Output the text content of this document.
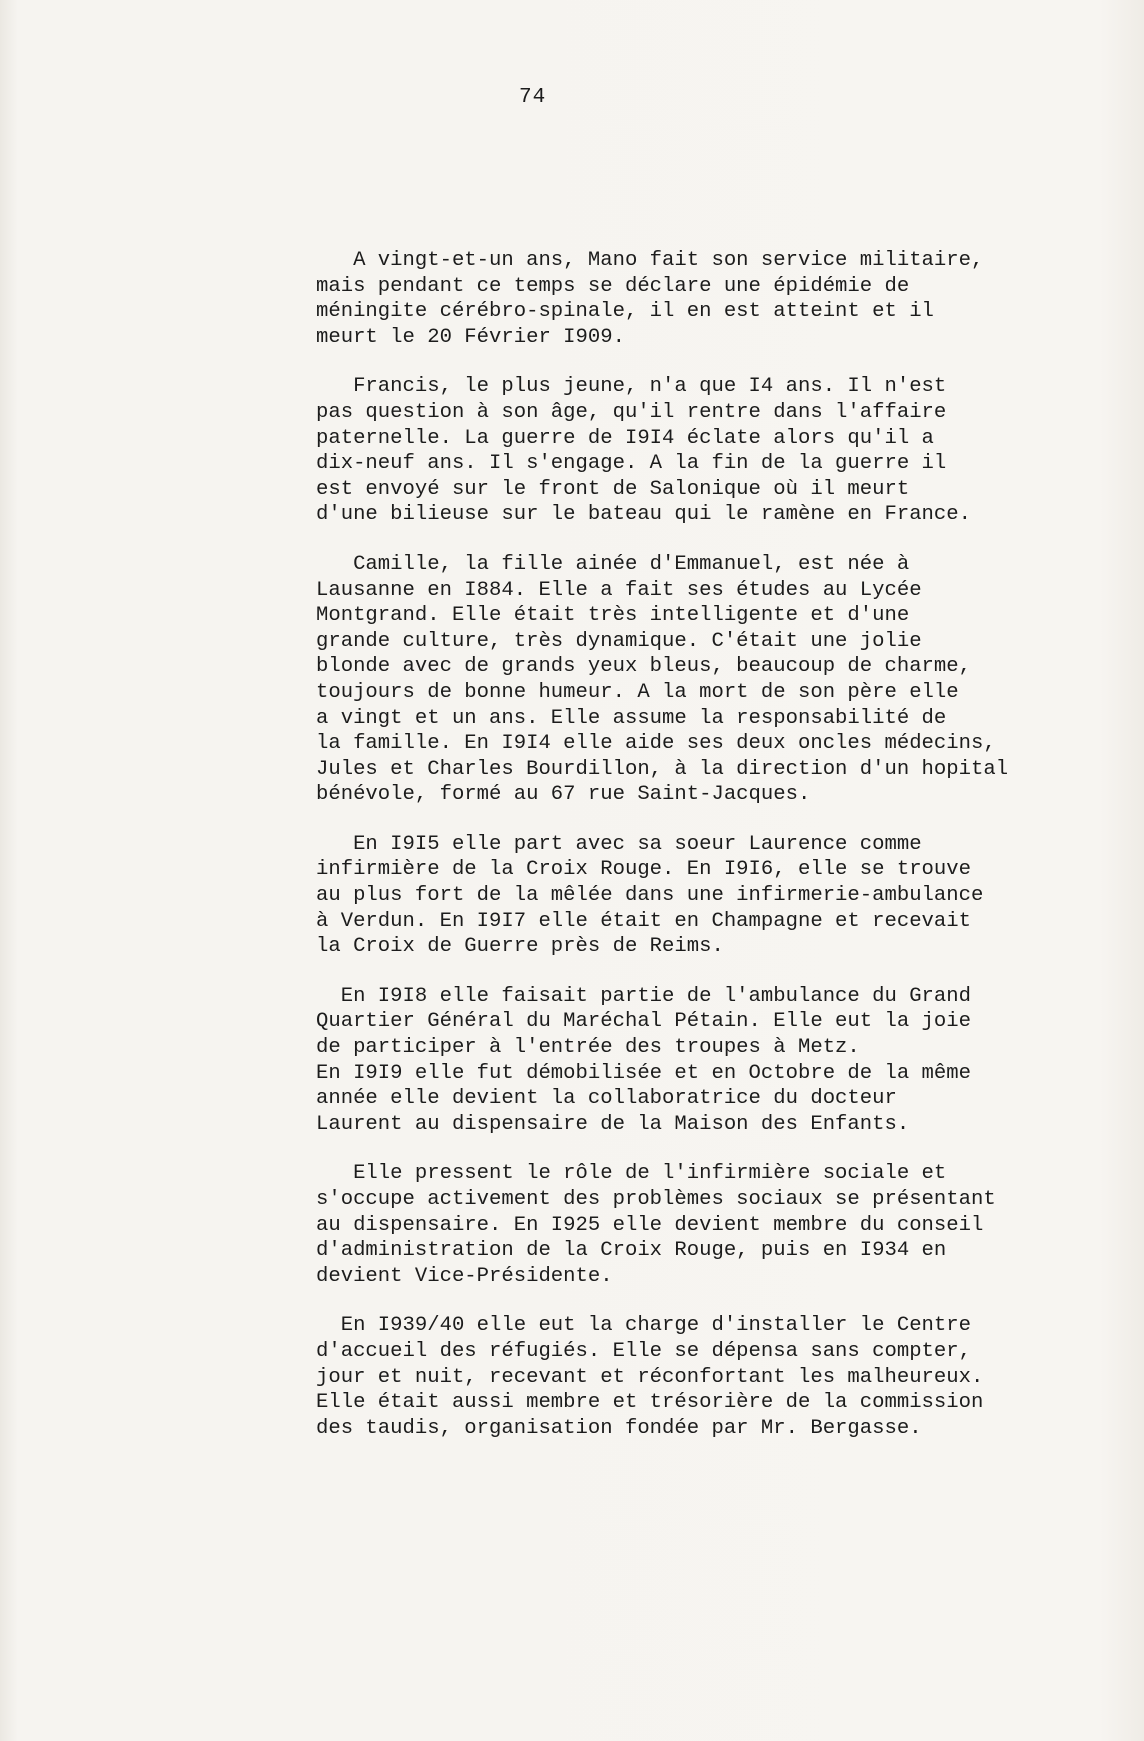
74
A vingt-et-un ans, Mano fait son service militaire,
mais pendant ce temps se déclare une épidémie de
méningite cérébro-spinale, il en est atteint et il
meurt le 20 Février I909.
Francis, le plus jeune, n'a que I4 ans. Il n'est
pas question à son âge, qu'il rentre dans l'affaire
paternelle. La guerre de I9I4 éclate alors qu'il a
dix-neuf ans. Il s'engage. A la fin de la guerre il
est envoyé sur le front de Salonique où il meurt
d'une bilieuse sur le bateau qui le ramène en France.
Camille, la fille ainée d'Emmanuel, est née à
Lausanne en I884. Elle a fait ses études au Lycée
Montgrand. Elle était très intelligente et d'une
grande culture, très dynamique. C'était une jolie
blonde avec de grands yeux bleus, beaucoup de charme,
toujours de bonne humeur. A la mort de son père elle
a vingt et un ans. Elle assume la responsabilité de
la famille. En I9I4 elle aide ses deux oncles médecins,
Jules et Charles Bourdillon, à la direction d'un hopital
bénévole, formé au 67 rue Saint-Jacques.
En I9I5 elle part avec sa soeur Laurence comme
infirmière de la Croix Rouge. En I9I6, elle se trouve
au plus fort de la mêlée dans une infirmerie-ambulance
à Verdun. En I9I7 elle était en Champagne et recevait
la Croix de Guerre près de Reims.
En I9I8 elle faisait partie de l'ambulance du Grand
Quartier Général du Maréchal Pétain. Elle eut la joie
de participer à l'entrée des troupes à Metz.
En I9I9 elle fut démobilisée et en Octobre de la même
année elle devient la collaboratrice du docteur
Laurent au dispensaire de la Maison des Enfants.
Elle pressent le rôle de l'infirmière sociale et
s'occupe activement des problèmes sociaux se présentant
au dispensaire. En I925 elle devient membre du conseil
d'administration de la Croix Rouge, puis en I934 en
devient Vice-Présidente.
En I939/40 elle eut la charge d'installer le Centre
d'accueil des réfugiés. Elle se dépensa sans compter,
jour et nuit, recevant et réconfortant les malheureux.
Elle était aussi membre et trésorière de la commission
des taudis, organisation fondée par Mr. Bergasse.
